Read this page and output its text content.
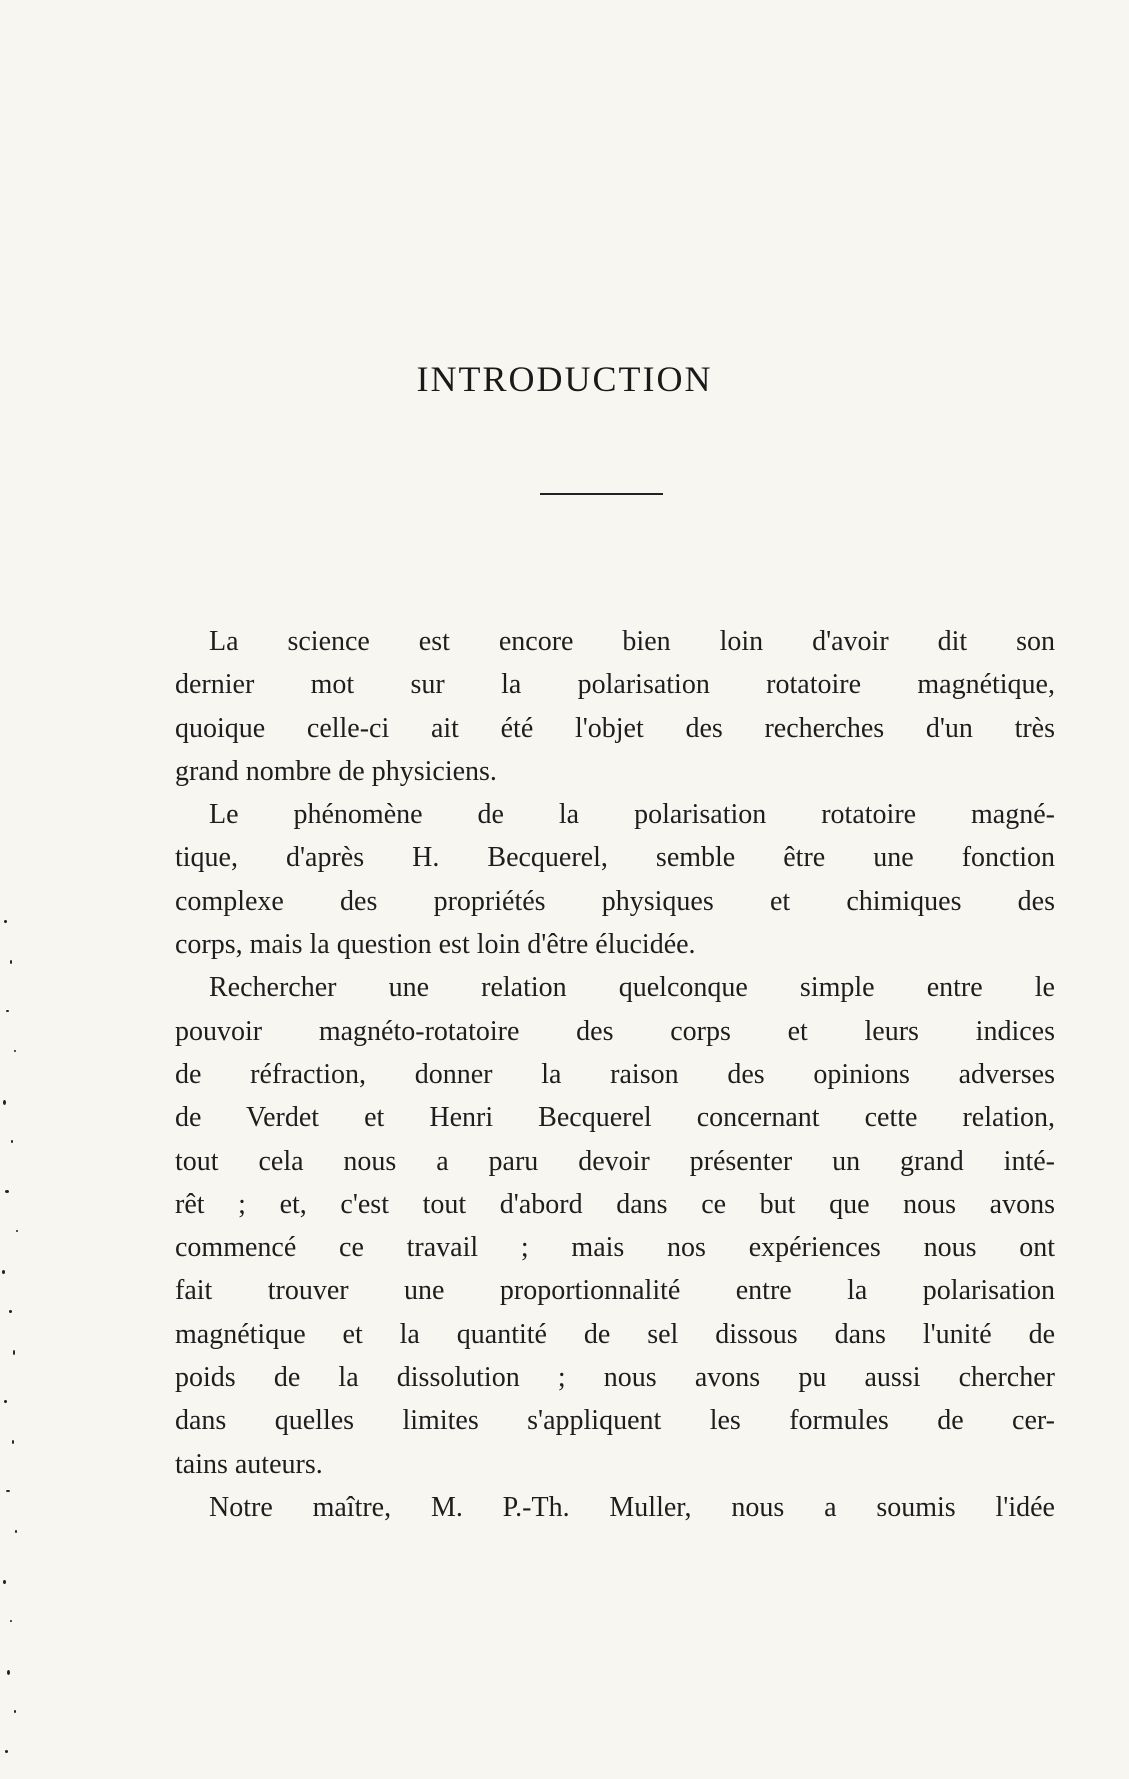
INTRODUCTION
La science est encore bien loin d'avoir dit son
dernier mot sur la polarisation rotatoire magnétique,
quoique celle-ci ait été l'objet des recherches d'un très
grand nombre de physiciens.
Le phénomène de la polarisation rotatoire magné-
tique, d'après H. Becquerel, semble être une fonction
complexe des propriétés physiques et chimiques des
corps, mais la question est loin d'être élucidée.
Rechercher une relation quelconque simple entre le
pouvoir magnéto-rotatoire des corps et leurs indices
de réfraction, donner la raison des opinions adverses
de Verdet et Henri Becquerel concernant cette relation,
tout cela nous a paru devoir présenter un grand inté-
rêt ; et, c'est tout d'abord dans ce but que nous avons
commencé ce travail ; mais nos expériences nous ont
fait trouver une proportionnalité entre la polarisation
magnétique et la quantité de sel dissous dans l'unité de
poids de la dissolution ; nous avons pu aussi chercher
dans quelles limites s'appliquent les formules de cer-
tains auteurs.
Notre maître, M. P.-Th. Muller, nous a soumis l'idée
